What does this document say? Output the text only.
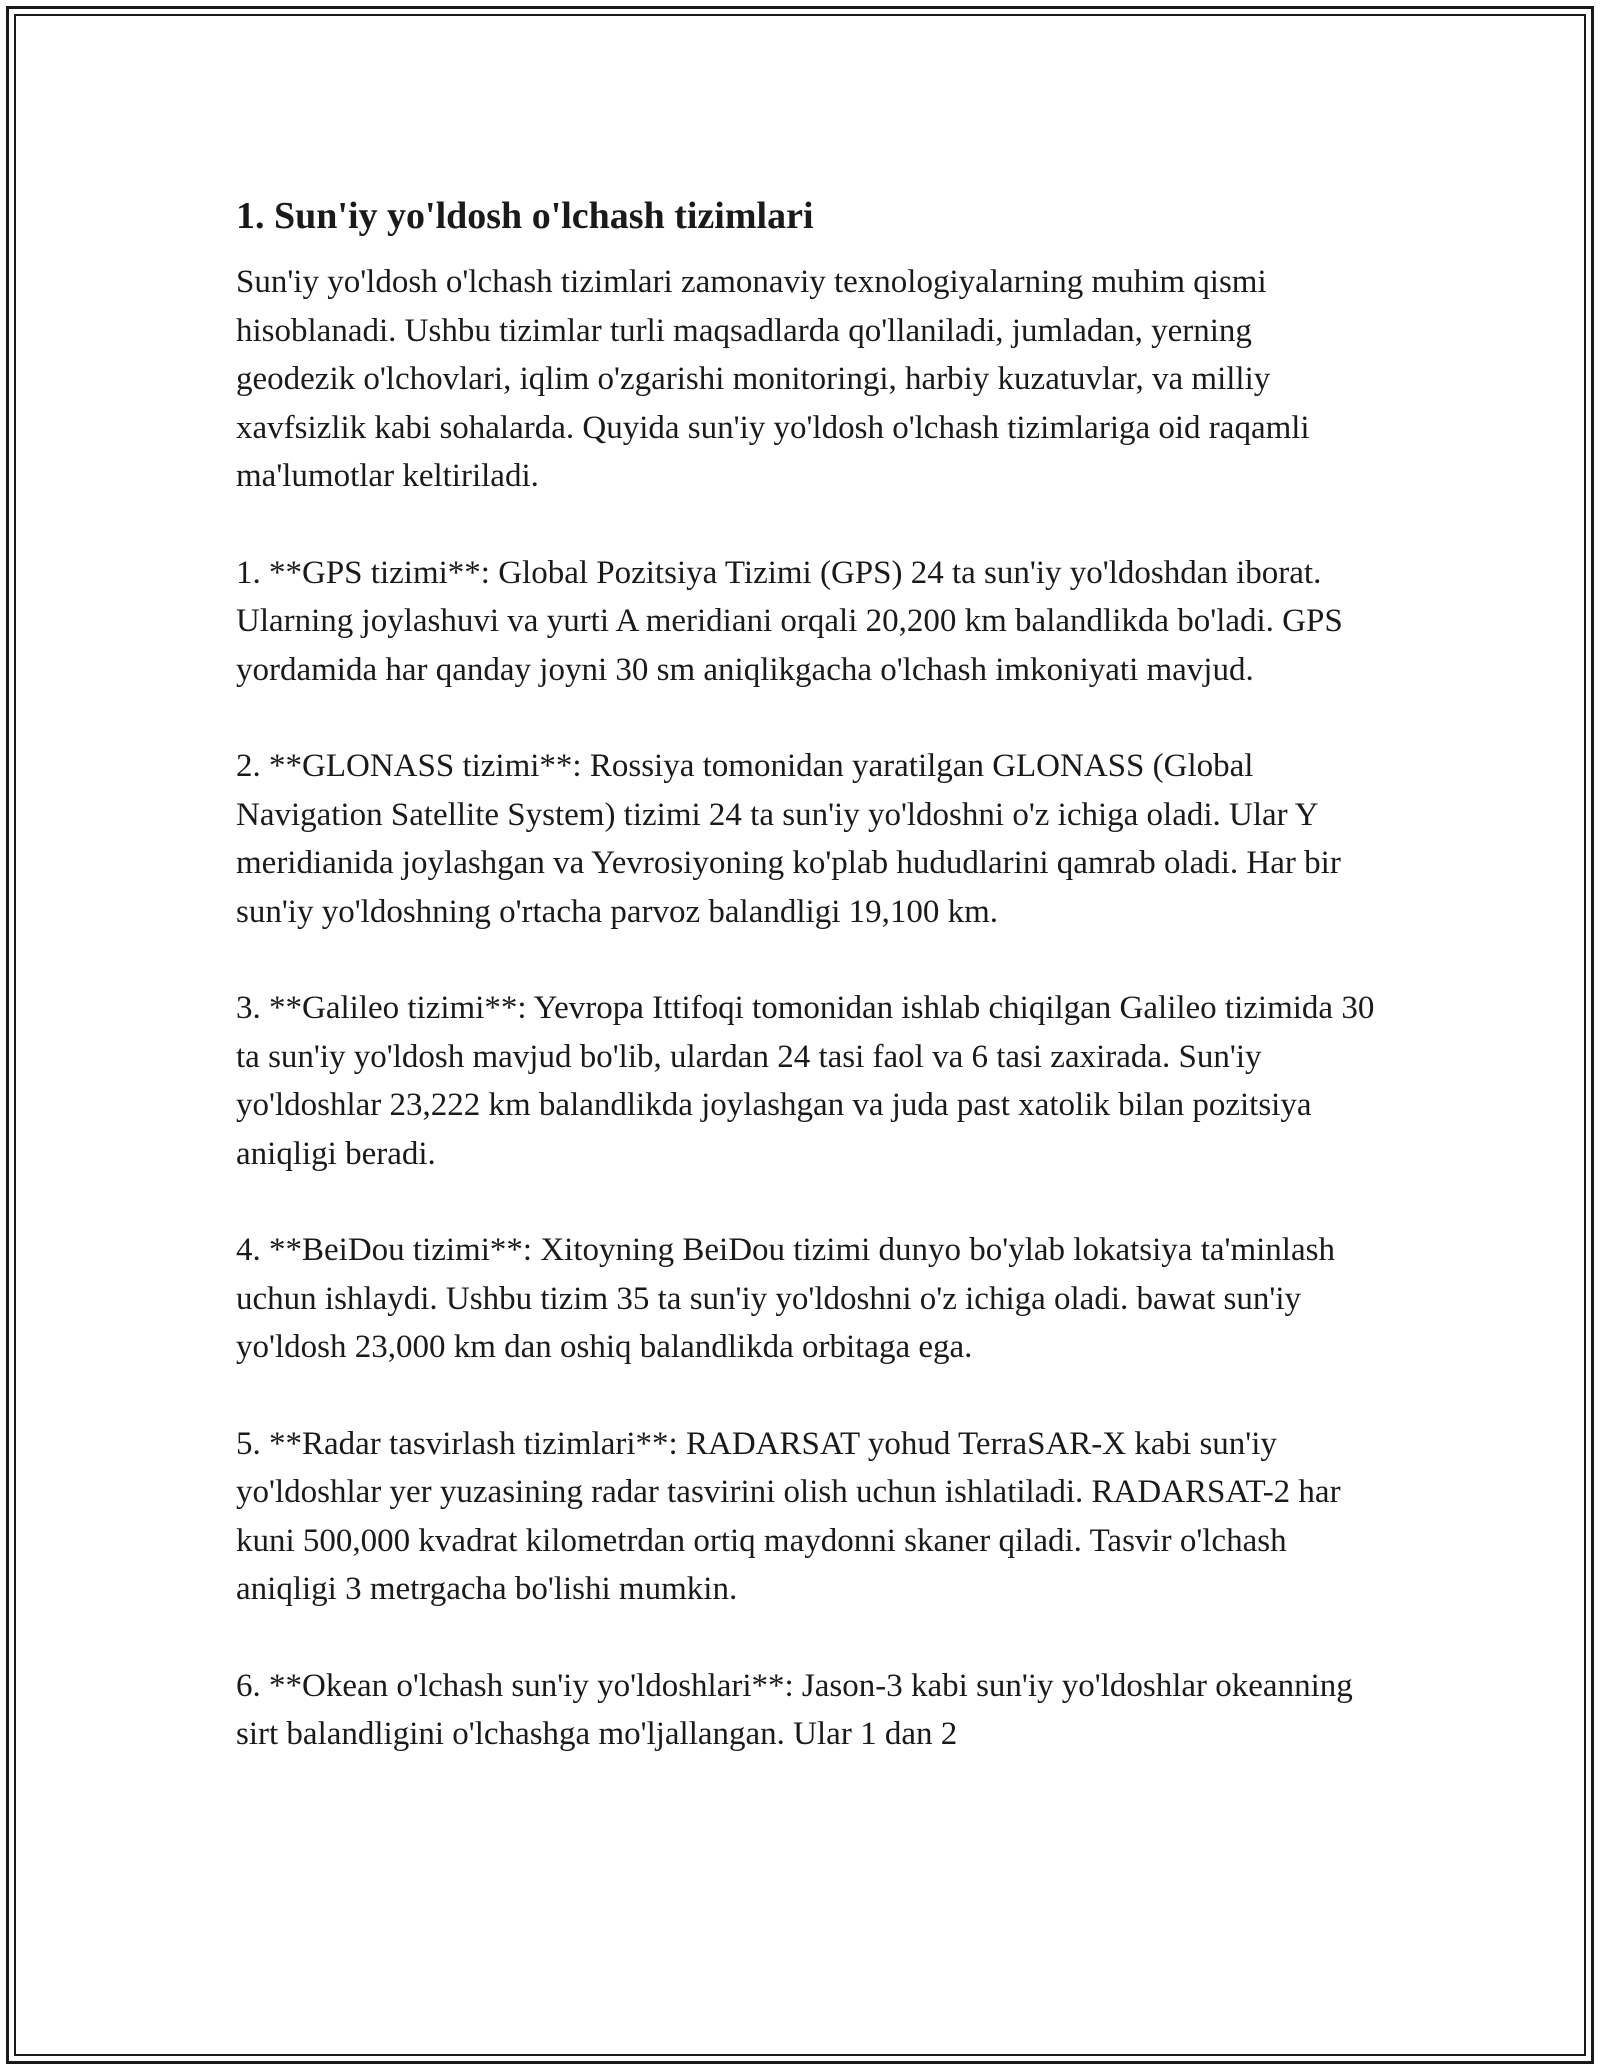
1. Sun'iy yo'ldosh o'lchash tizimlari

Sun'iy yo'ldosh o'lchash tizimlari zamonaviy texnologiyalarning muhim qismi hisoblanadi. Ushbu tizimlar turli maqsadlarda qo'llaniladi, jumladan, yerning geodezik o'lchovlari, iqlim o'zgarishi monitoringi, harbiy kuzatuvlar, va milliy xavfsizlik kabi sohalarda. Quyida sun'iy yo'ldosh o'lchash tizimlariga oid raqamli ma'lumotlar keltiriladi.

1. **GPS tizimi**: Global Pozitsiya Tizimi (GPS) 24 ta sun'iy yo'ldoshdan iborat. Ularning joylashuvi va yurti A meridiani orqali 20,200 km balandlikda bo'ladi. GPS yordamida har qanday joyni 30 sm aniqlikgacha o'lchash imkoniyati mavjud.

2. **GLONASS tizimi**: Rossiya tomonidan yaratilgan GLONASS (Global Navigation Satellite System) tizimi 24 ta sun'iy yo'ldoshni o'z ichiga oladi. Ular Y meridianida joylashgan va Yevrosiyoning ko'plab hududlarini qamrab oladi. Har bir sun'iy yo'ldoshning o'rtacha parvoz balandligi 19,100 km.

3. **Galileo tizimi**: Yevropa Ittifoqi tomonidan ishlab chiqilgan Galileo tizimida 30 ta sun'iy yo'ldosh mavjud bo'lib, ulardan 24 tasi faol va 6 tasi zaxirada. Sun'iy yo'ldoshlar 23,222 km balandlikda joylashgan va juda past xatolik bilan pozitsiya aniqligi beradi.

4. **BeiDou tizimi**: Xitoyning BeiDou tizimi dunyo bo'ylab lokatsiya ta'minlash uchun ishlaydi. Ushbu tizim 35 ta sun'iy yo'ldoshni o'z ichiga oladi. bawat sun'iy yo'ldosh 23,000 km dan oshiq balandlikda orbitaga ega.

5. **Radar tasvirlash tizimlari**: RADARSAT yohud TerraSAR-X kabi sun'iy yo'ldoshlar yer yuzasining radar tasvirini olish uchun ishlatiladi. RADARSAT-2 har kuni 500,000 kvadrat kilometrdan ortiq maydonni skaner qiladi. Tasvir o'lchash aniqligi 3 metrgacha bo'lishi mumkin.

6. **Okean o'lchash sun'iy yo'ldoshlari**: Jason-3 kabi sun'iy yo'ldoshlar okeanning sirt balandligini o'lchashga mo'ljallangan. Ular 1 dan 2
